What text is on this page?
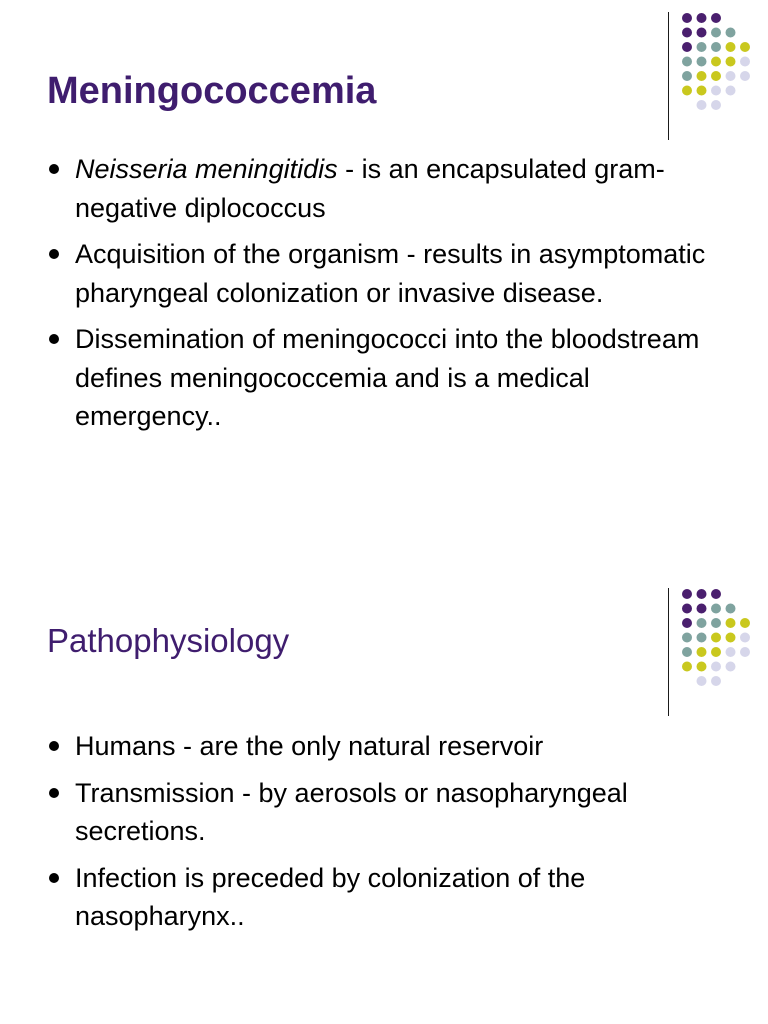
Meningococcemia
Neisseria meningitidis - is an encapsulated gram-negative diplococcus
Acquisition of the organism - results in asymptomatic pharyngeal colonization or invasive disease.
Dissemination of meningococci into the bloodstream defines meningococcemia and is a medical emergency..
Pathophysiology
Humans - are the only natural reservoir
Transmission - by aerosols or nasopharyngeal secretions.
Infection is preceded by colonization of the nasopharynx..
